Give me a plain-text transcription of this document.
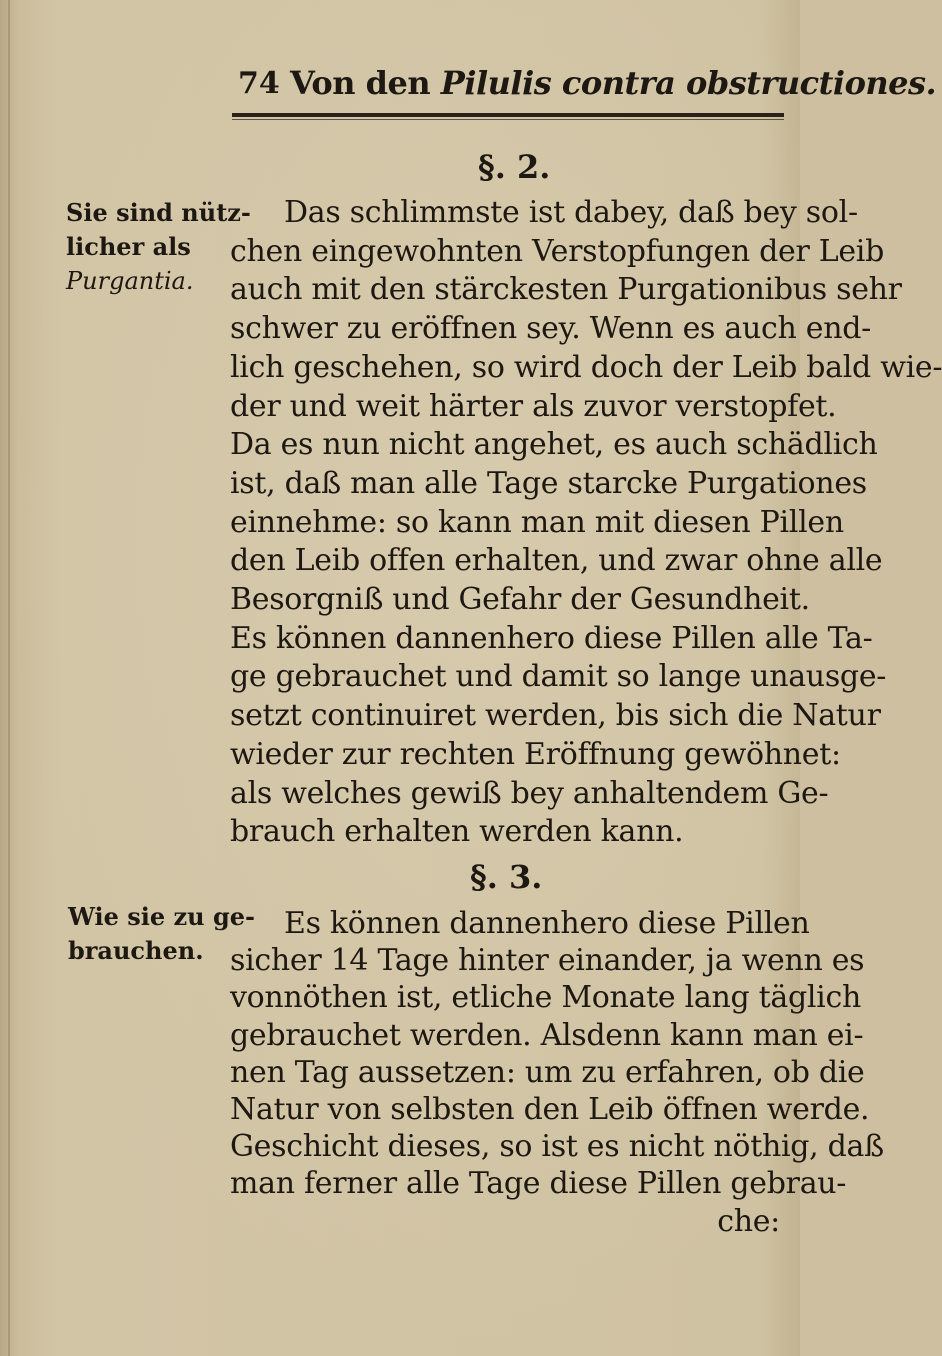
74 Von den Pilulis contra obstructiones.
§. 2.
Sie sind nütz-
licher als
Purgantia.
Das schlimmste ist dabey, daß bey sol-
chen eingewohnten Verstopfungen der Leib
auch mit den stärckesten Purgationibus sehr
schwer zu eröffnen sey. Wenn es auch end-
lich geschehen, so wird doch der Leib bald wie-
der und weit härter als zuvor verstopfet.
Da es nun nicht angehet, es auch schädlich
ist, daß man alle Tage starcke Purgationes
einnehme: so kann man mit diesen Pillen
den Leib offen erhalten, und zwar ohne alle
Besorgniß und Gefahr der Gesundheit.
Es können dannenhero diese Pillen alle Ta-
ge gebrauchet und damit so lange unausge-
setzt continuiret werden, bis sich die Natur
wieder zur rechten Eröffnung gewöhnet:
als welches gewiß bey anhaltendem Ge-
brauch erhalten werden kann.
§. 3.
Wie sie zu ge-
brauchen.
Es können dannenhero diese Pillen
sicher 14 Tage hinter einander, ja wenn es
vonnöthen ist, etliche Monate lang täglich
gebrauchet werden. Alsdenn kann man ei-
nen Tag aussetzen: um zu erfahren, ob die
Natur von selbsten den Leib öffnen werde.
Geschicht dieses, so ist es nicht nöthig, daß
man ferner alle Tage diese Pillen gebrau-
che:
